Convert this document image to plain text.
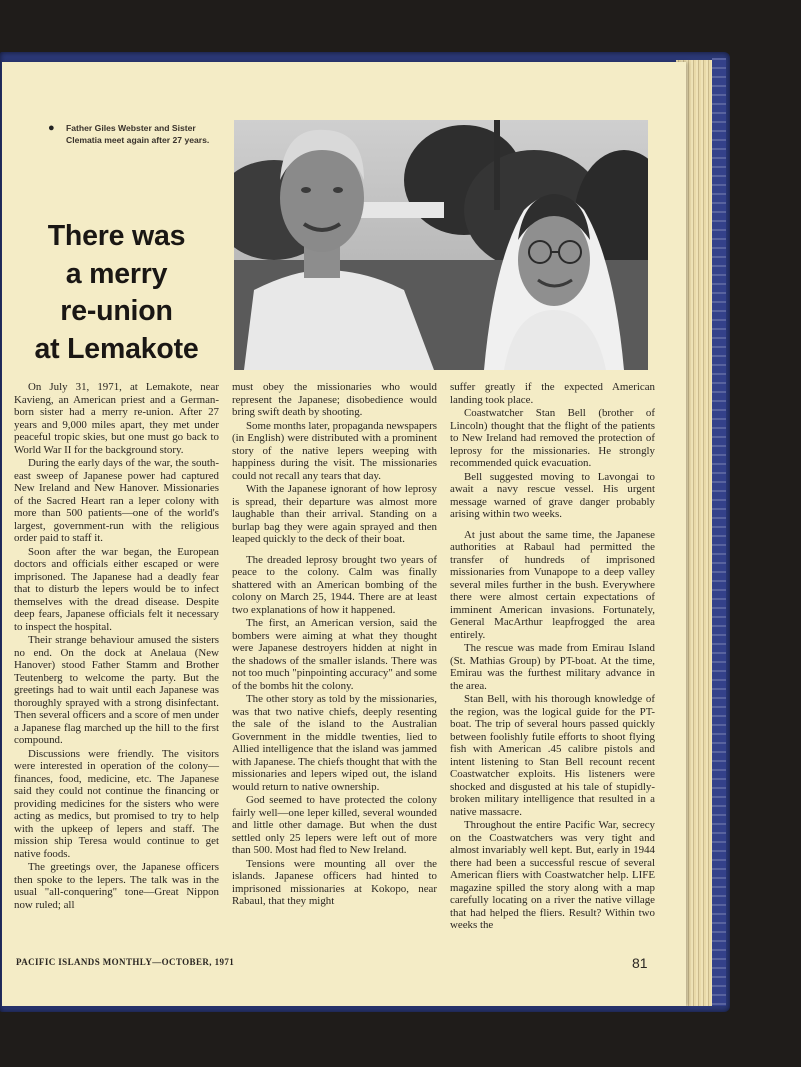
● Father Giles Webster and Sister Clematia meet again after 27 years.
There was
a merry
re-union
at Lemakote

On July 31, 1971, at Lemakote, near Kavieng, an American priest and a German-born sister had a merry re-union. After 27 years and 9,000 miles apart, they met under peaceful tropic skies, but one must go back to World War II for the background story.

During the early days of the war, the south-east sweep of Japanese power had captured New Ireland and New Hanover. Missionaries of the Sacred Heart ran a leper colony with more than 500 patients—one of the world's largest, government-run with the religious order paid to staff it.

Soon after the war began, the European doctors and officials either escaped or were imprisoned. The Japanese had a deadly fear that to disturb the lepers would be to infect themselves with the dread disease. Despite deep fears, Japanese officials felt it necessary to inspect the hospital.

Their strange behaviour amused the sisters no end. On the dock at Anelaua (New Hanover) stood Father Stamm and Brother Teutenberg to welcome the party. But the greetings had to wait until each Japanese was thoroughly sprayed with a strong disinfectant. Then several officers and a score of men under a Japanese flag marched up the hill to the first compound.

Discussions were friendly. The visitors were interested in operation of the colony—finances, food, medicine, etc. The Japanese said they could not continue the financing or providing medicines for the sisters who were acting as medics, but promised to try to help with the upkeep of lepers and staff. The mission ship Teresa would continue to get native foods.

The greetings over, the Japanese officers then spoke to the lepers. The talk was in the usual "all-conquering" tone—Great Nippon now ruled; all

must obey the missionaries who would represent the Japanese; disobedience would bring swift death by shooting.

Some months later, propaganda newspapers (in English) were distributed with a prominent story of the native lepers weeping with happiness during the visit. The missionaries could not recall any tears that day.

With the Japanese ignorant of how leprosy is spread, their departure was almost more laughable than their arrival. Standing on a burlap bag they were again sprayed and then leaped quickly to the deck of their boat.

The dreaded leprosy brought two years of peace to the colony. Calm was finally shattered with an American bombing of the colony on March 25, 1944. There are at least two explanations of how it happened.

The first, an American version, said the bombers were aiming at what they thought were Japanese destroyers hidden at night in the shadows of the smaller islands. There was not too much "pinpointing accuracy" and some of the bombs hit the colony.

The other story as told by the missionaries, was that two native chiefs, deeply resenting the sale of the island to the Australian Government in the middle twenties, lied to Allied intelligence that the island was jammed with Japanese. The chiefs thought that with the missionaries and lepers wiped out, the island would return to native ownership.

God seemed to have protected the colony fairly well—one leper killed, several wounded and little other damage. But when the dust settled only 25 lepers were left out of more than 500. Most had fled to New Ireland.

Tensions were mounting all over the islands. Japanese officers had hinted to imprisoned missionaries at Kokopo, near Rabaul, that they might

suffer greatly if the expected American landing took place.

Coastwatcher Stan Bell (brother of Lincoln) thought that the flight of the patients to New Ireland had removed the protection of leprosy for the missionaries. He strongly recommended quick evacuation.

Bell suggested moving to Lavongai to await a navy rescue vessel. His urgent message warned of grave danger probably arising within two weeks.

At just about the same time, the Japanese authorities at Rabaul had permitted the transfer of hundreds of imprisoned missionaries from Vunapope to a deep valley several miles further in the bush. Everywhere there were almost certain expectations of imminent American invasions. Fortunately, General MacArthur leapfrogged the area entirely.

The rescue was made from Emirau Island (St. Mathias Group) by PT-boat. At the time, Emirau was the furthest military advance in the area.

Stan Bell, with his thorough knowledge of the region, was the logical guide for the PT-boat. The trip of several hours passed quickly between foolishly futile efforts to shoot flying fish with American .45 calibre pistols and intent listening to Stan Bell recount recent Coastwatcher exploits. His listeners were shocked and disgusted at his tale of stupidly-broken military intelligence that resulted in a native massacre.

Throughout the entire Pacific War, secrecy on the Coastwatchers was very tight and almost invariably well kept. But, early in 1944 there had been a successful rescue of several American fliers with Coastwatcher help. LIFE magazine spilled the story along with a map carefully locating on a river the native village that had helped the fliers. Result? Within two weeks the

PACIFIC ISLANDS MONTHLY—OCTOBER, 1971	81
